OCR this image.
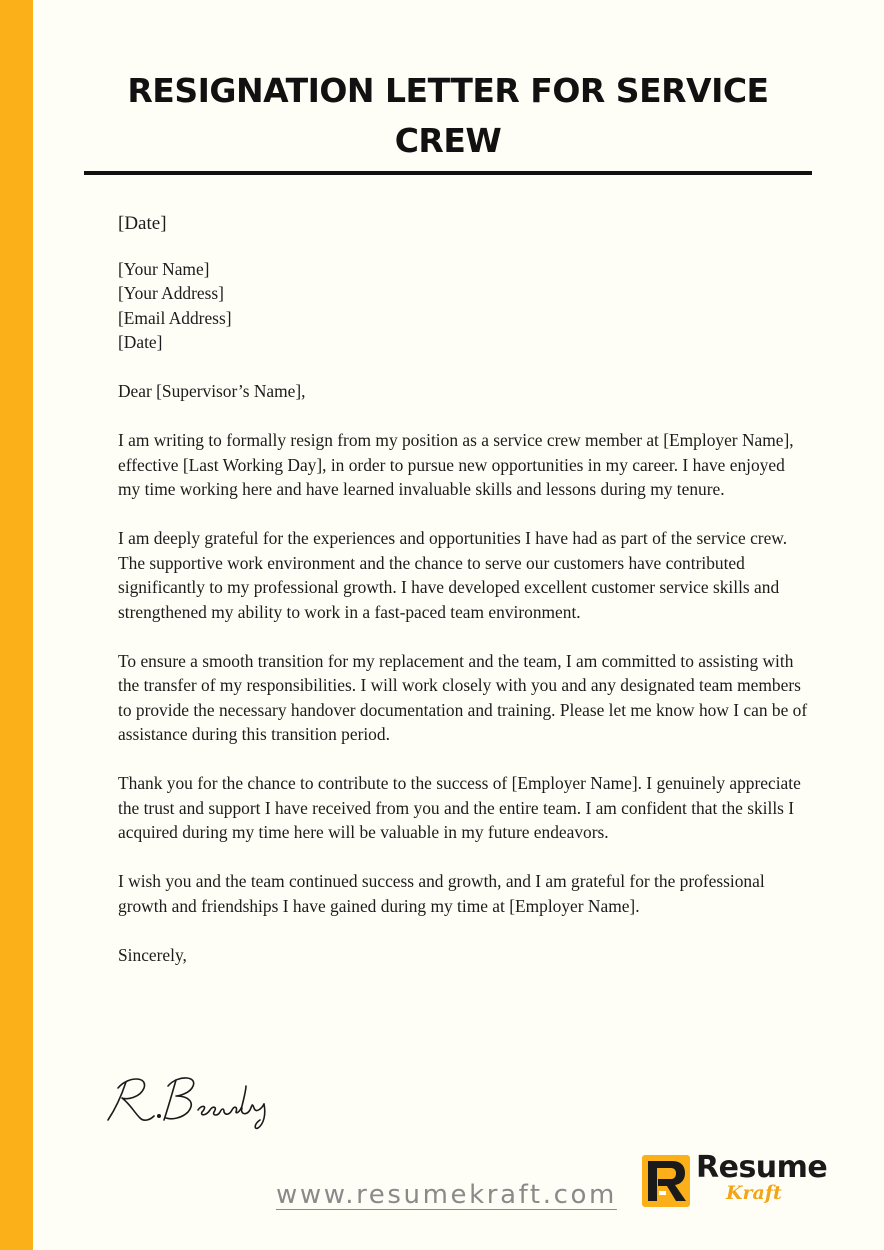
RESIGNATION LETTER FOR SERVICE CREW

[Date]

[Your Name]
[Your Address]
[Email Address]
[Date]

Dear [Supervisor’s Name],

I am writing to formally resign from my position as a service crew member at [Employer Name], effective [Last Working Day], in order to pursue new opportunities in my career. I have enjoyed my time working here and have learned invaluable skills and lessons during my tenure.

I am deeply grateful for the experiences and opportunities I have had as part of the service crew. The supportive work environment and the chance to serve our customers have contributed significantly to my professional growth. I have developed excellent customer service skills and strengthened my ability to work in a fast-paced team environment.

To ensure a smooth transition for my replacement and the team, I am committed to assisting with the transfer of my responsibilities. I will work closely with you and any designated team members to provide the necessary handover documentation and training. Please let me know how I can be of assistance during this transition period.

Thank you for the chance to contribute to the success of [Employer Name]. I genuinely appreciate the trust and support I have received from you and the entire team. I am confident that the skills I acquired during my time here will be valuable in my future endeavors.

I wish you and the team continued success and growth, and I am grateful for the professional growth and friendships I have gained during my time at [Employer Name].

Sincerely,

www.resumekraft.com
Resume
Kraft
